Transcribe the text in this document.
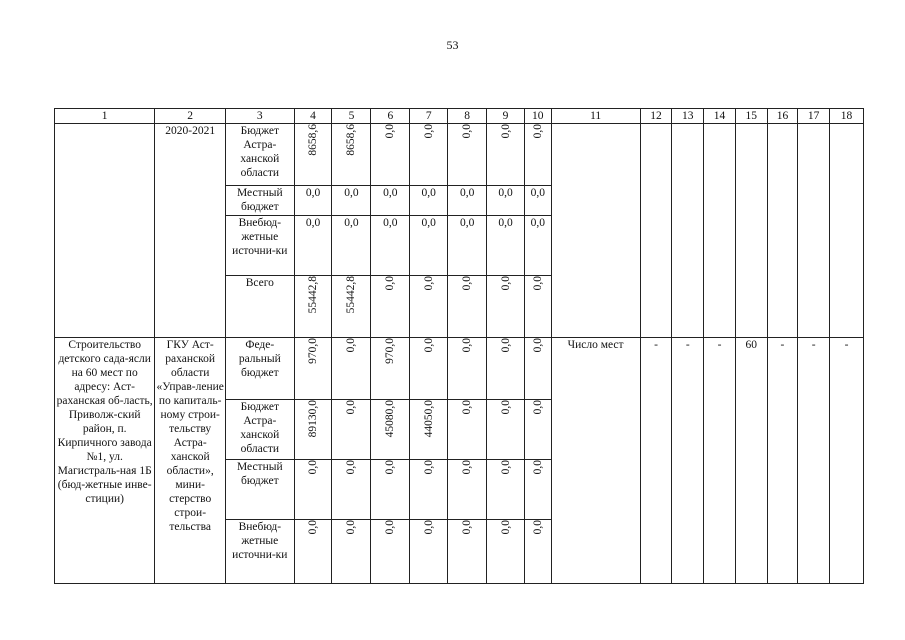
53
1	2	3	4	5	6	7	8	9	10	11	12	13	14	15	16	17	18
	2020-2021	Бюджет Астра-ханской области	8658,6	8658,6	0,0	0,0	0,0	0,0	0,0								
		Местный бюджет	0,0	0,0	0,0	0,0	0,0	0,0	0,0								
		Внебюд-жетные источни-ки	0,0	0,0	0,0	0,0	0,0	0,0	0,0								
		Всего	55442,8	55442,8	0,0	0,0	0,0	0,0	0,0								
Строительство детского сада-ясли на 60 мест по адресу: Аст-раханская об-ласть, Приволж-ский район, п. Кирпичного завода №1, ул. Магистраль-ная 1Б (бюд-жетные инве-стиции)	ГКУ Аст-раханской области «Управ-ление по капиталь-ному строи-тельству Астра-ханской области», мини-стерство строи-тельства	Феде-ральный бюджет	970,0	0,0	970,0	0,0	0,0	0,0	0,0	Число мест	-	-	-	60	-	-	-
		Бюджет Астра-ханской области	89130,0	0,0	45080,0	44050,0	0,0	0,0	0,0								
		Местный бюджет	0,0	0,0	0,0	0,0	0,0	0,0	0,0								
		Внебюд-жетные источни-ки	0,0	0,0	0,0	0,0	0,0	0,0	0,0								
